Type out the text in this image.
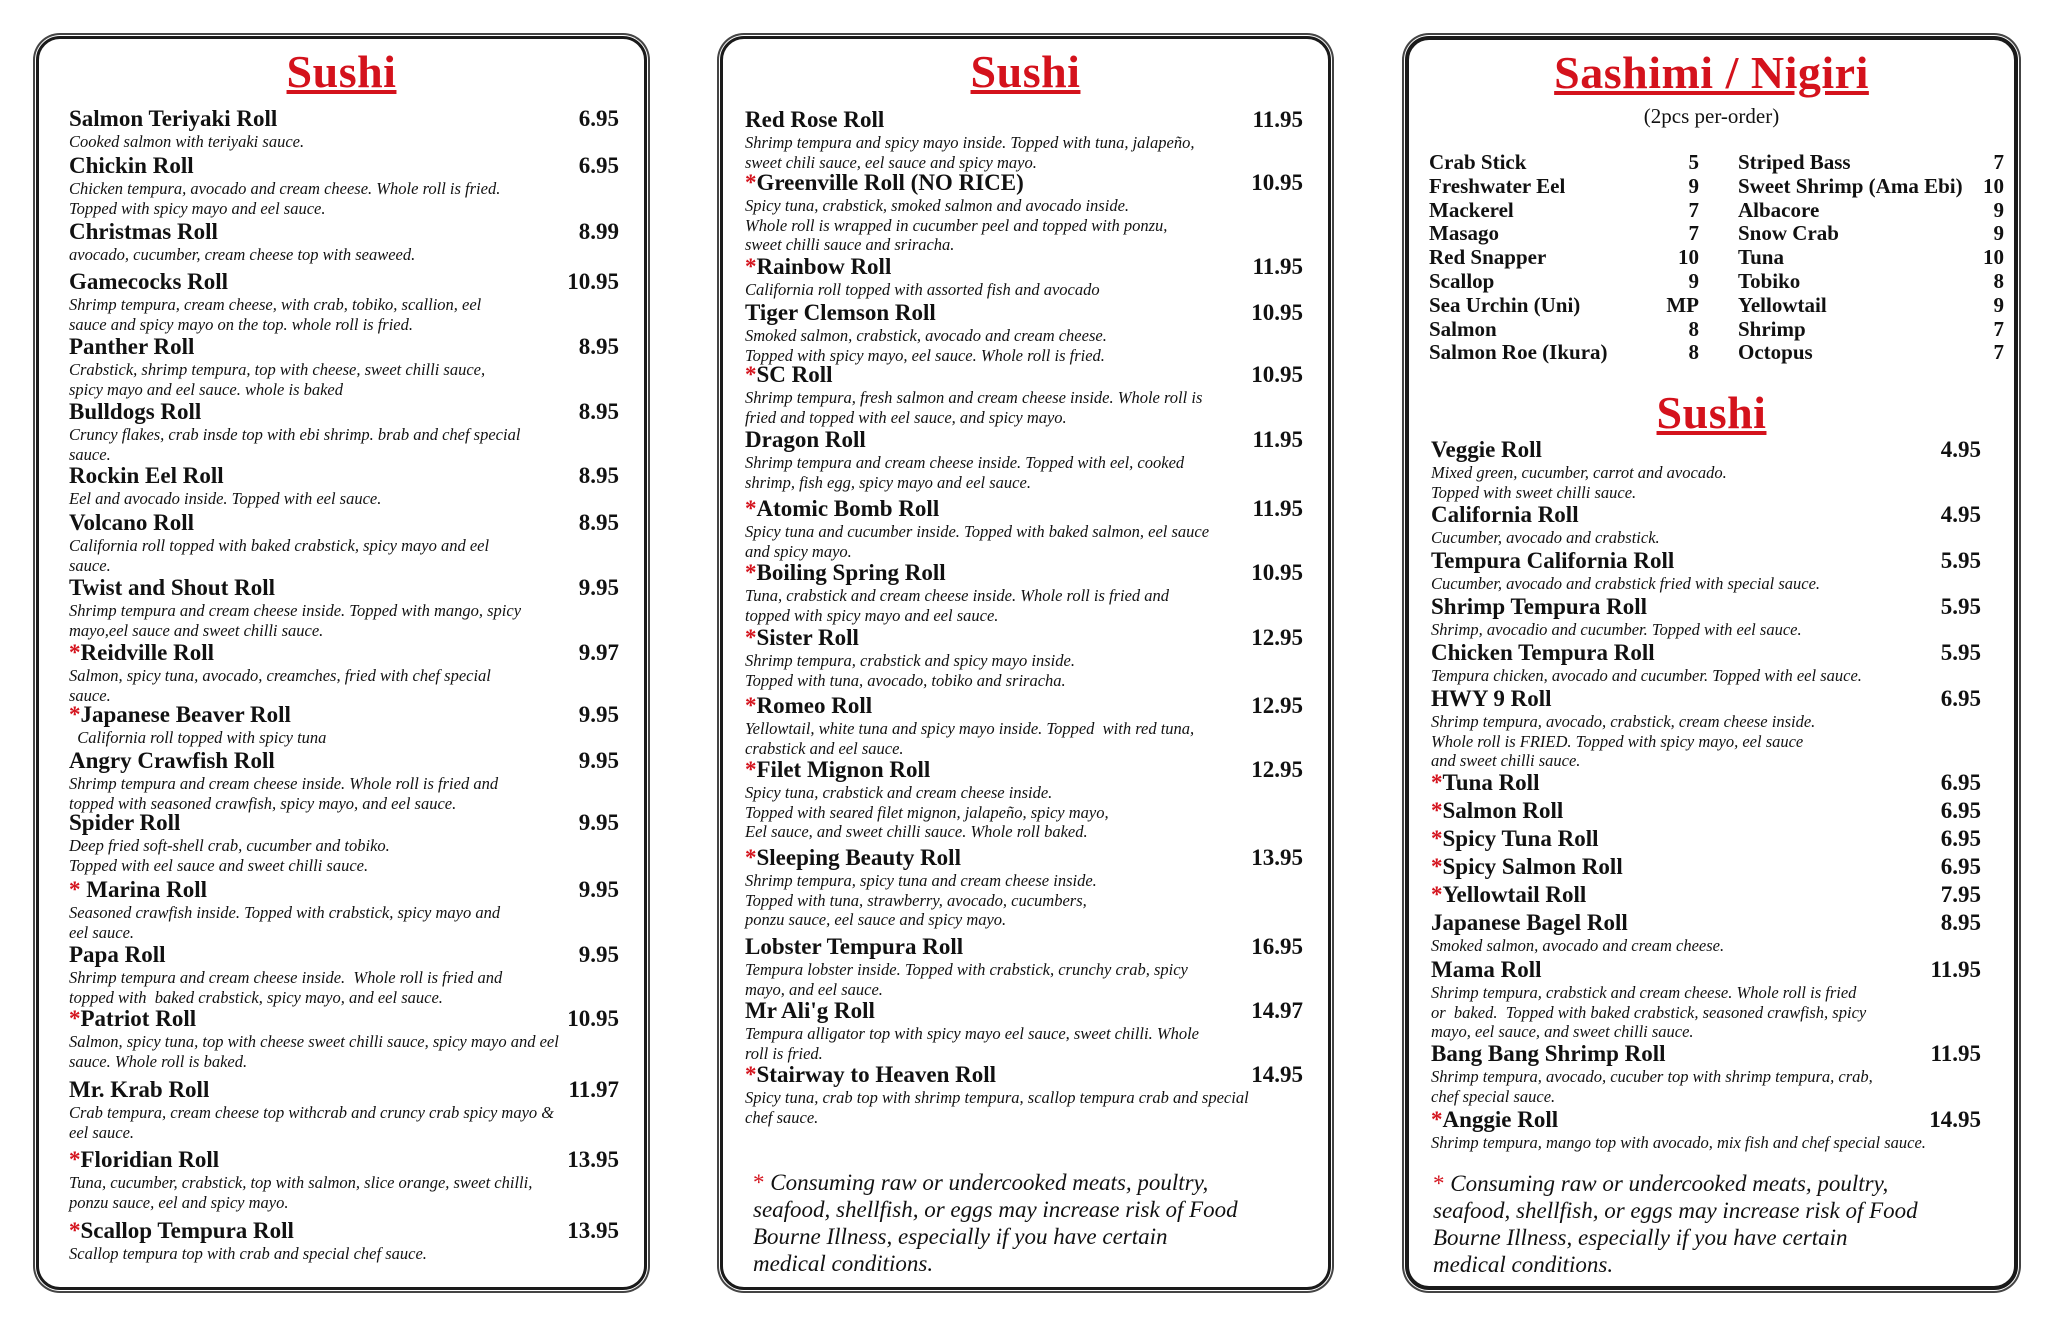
Sushi
Salmon Teriyaki Roll	6.95
Cooked salmon with teriyaki sauce.
Chickin Roll	6.95
Chicken tempura, avocado and cream cheese. Whole roll is fried.
Topped with spicy mayo and eel sauce.
Christmas Roll	8.99
avocado, cucumber, cream cheese top with seaweed.
Gamecocks Roll	10.95
Shrimp tempura, cream cheese, with crab, tobiko, scallion, eel
sauce and spicy mayo on the top. whole roll is fried.
Panther Roll	8.95
Crabstick, shrimp tempura, top with cheese, sweet chilli sauce,
spicy mayo and eel sauce. whole is baked
Bulldogs Roll	8.95
Cruncy flakes, crab insde top with ebi shrimp. brab and chef special
sauce.
Rockin Eel Roll	8.95
Eel and avocado inside. Topped with eel sauce.
Volcano Roll	8.95
California roll topped with baked crabstick, spicy mayo and eel
sauce.
Twist and Shout Roll	9.95
Shrimp tempura and cream cheese inside. Topped with mango, spicy
mayo,eel sauce and sweet chilli sauce.
*Reidville Roll	9.97
Salmon, spicy tuna, avocado, creamches, fried with chef special
sauce.
*Japanese Beaver Roll	9.95
California roll topped with spicy tuna
Angry Crawfish Roll	9.95
Shrimp tempura and cream cheese inside. Whole roll is fried and
topped with seasoned crawfish, spicy mayo, and eel sauce.
Spider Roll	9.95
Deep fried soft-shell crab, cucumber and tobiko.
Topped with eel sauce and sweet chilli sauce.
* Marina Roll	9.95
Seasoned crawfish inside. Topped with crabstick, spicy mayo and
eel sauce.
Papa Roll	9.95
Shrimp tempura and cream cheese inside.  Whole roll is fried and
topped with  baked crabstick, spicy mayo, and eel sauce.
*Patriot Roll	10.95
Salmon, spicy tuna, top with cheese sweet chilli sauce, spicy mayo and eel
sauce. Whole roll is baked.
Mr. Krab Roll	11.97
Crab tempura, cream cheese top withcrab and cruncy crab spicy mayo &
eel sauce.
*Floridian Roll	13.95
Tuna, cucumber, crabstick, top with salmon, slice orange, sweet chilli,
ponzu sauce, eel and spicy mayo.
*Scallop Tempura Roll	13.95
Scallop tempura top with crab and special chef sauce.
Sushi
Red Rose Roll	11.95
Shrimp tempura and spicy mayo inside. Topped with tuna, jalapeño,
sweet chili sauce, eel sauce and spicy mayo.
*Greenville Roll (NO RICE)	10.95
Spicy tuna, crabstick, smoked salmon and avocado inside.
Whole roll is wrapped in cucumber peel and topped with ponzu,
sweet chilli sauce and sriracha.
*Rainbow Roll	11.95
California roll topped with assorted fish and avocado
Tiger Clemson Roll	10.95
Smoked salmon, crabstick, avocado and cream cheese.
Topped with spicy mayo, eel sauce. Whole roll is fried.
*SC Roll	10.95
Shrimp tempura, fresh salmon and cream cheese inside. Whole roll is
fried and topped with eel sauce, and spicy mayo.
Dragon Roll	11.95
Shrimp tempura and cream cheese inside. Topped with eel, cooked
shrimp, fish egg, spicy mayo and eel sauce.
*Atomic Bomb Roll	11.95
Spicy tuna and cucumber inside. Topped with baked salmon, eel sauce
and spicy mayo.
*Boiling Spring Roll	10.95
Tuna, crabstick and cream cheese inside. Whole roll is fried and
topped with spicy mayo and eel sauce.
*Sister Roll	12.95
Shrimp tempura, crabstick and spicy mayo inside.
Topped with tuna, avocado, tobiko and sriracha.
*Romeo Roll	12.95
Yellowtail, white tuna and spicy mayo inside. Topped  with red tuna,
crabstick and eel sauce.
*Filet Mignon Roll	12.95
Spicy tuna, crabstick and cream cheese inside.
Topped with seared filet mignon, jalapeño, spicy mayo,
Eel sauce, and sweet chilli sauce. Whole roll baked.
*Sleeping Beauty Roll	13.95
Shrimp tempura, spicy tuna and cream cheese inside.
Topped with tuna, strawberry, avocado, cucumbers,
ponzu sauce, eel sauce and spicy mayo.
Lobster Tempura Roll	16.95
Tempura lobster inside. Topped with crabstick, crunchy crab, spicy
mayo, and eel sauce.
Mr Ali'g Roll	14.97
Tempura alligator top with spicy mayo eel sauce, sweet chilli. Whole
roll is fried.
*Stairway to Heaven Roll	14.95
Spicy tuna, crab top with shrimp tempura, scallop tempura crab and special
chef sauce.
* Consuming raw or undercooked meats, poultry,
seafood, shellfish, or eggs may increase risk of Food
Bourne Illness, especially if you have certain
medical conditions.
Sashimi / Nigiri
(2pcs per-order)
Sushi
Crab Stick	5
Freshwater Eel	9
Mackerel	7
Masago	7
Red Snapper	10
Scallop	9
Sea Urchin (Uni)	MP
Salmon	8
Salmon Roe (Ikura)	8
Striped Bass	7
Sweet Shrimp (Ama Ebi) 10
Albacore	9
Snow Crab	9
Tuna	10
Tobiko	8
Yellowtail	9
Shrimp	7
Octopus	7
Veggie Roll	4.95
Mixed green, cucumber, carrot and avocado.
Topped with sweet chilli sauce.
California Roll	4.95
Cucumber, avocado and crabstick.
Tempura California Roll	5.95
Cucumber, avocado and crabstick fried with special sauce.
Shrimp Tempura Roll	5.95
Shrimp, avocadio and cucumber. Topped with eel sauce.
Chicken Tempura Roll	5.95
Tempura chicken, avocado and cucumber. Topped with eel sauce.
HWY 9 Roll	6.95
Shrimp tempura, avocado, crabstick, cream cheese inside.
Whole roll is FRIED. Topped with spicy mayo, eel sauce
and sweet chilli sauce.
*Tuna Roll	6.95
*Salmon Roll	6.95
*Spicy Tuna Roll	6.95
*Spicy Salmon Roll	6.95
*Yellowtail Roll	7.95
Japanese Bagel Roll	8.95
Smoked salmon, avocado and cream cheese.
Mama Roll	11.95
Shrimp tempura, crabstick and cream cheese. Whole roll is fried
or  baked.  Topped with baked crabstick, seasoned crawfish, spicy
mayo, eel sauce, and sweet chilli sauce.
Bang Bang Shrimp Roll	11.95
Shrimp tempura, avocado, cucuber top with shrimp tempura, crab,
chef special sauce.
*Anggie Roll	14.95
Shrimp tempura, mango top with avocado, mix fish and chef special sauce.
* Consuming raw or undercooked meats, poultry,
seafood, shellfish, or eggs may increase risk of Food
Bourne Illness, especially if you have certain
medical conditions.
